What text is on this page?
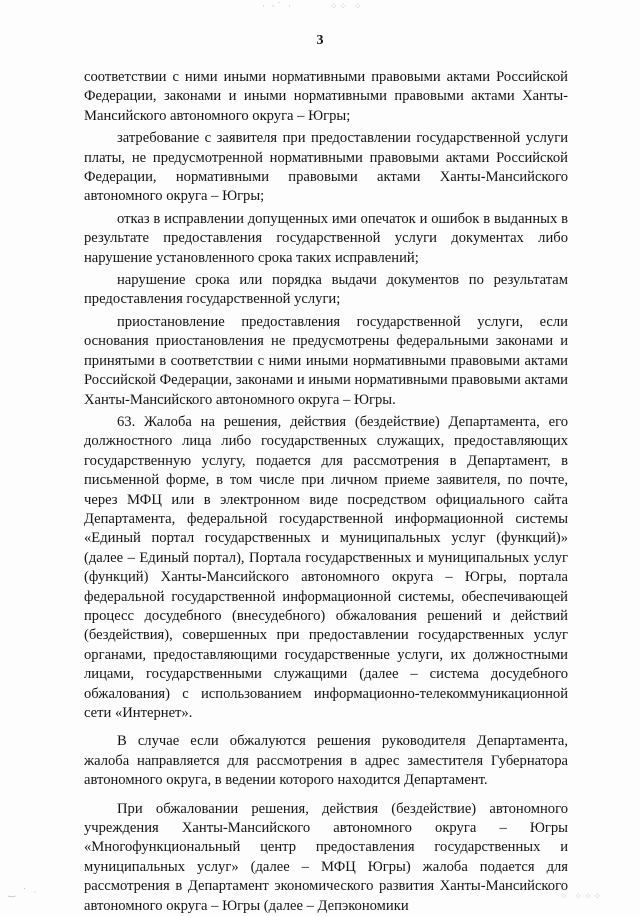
· ·˙ ·	⁘⁘ ⁘
3

соответствии с ними иными нормативными правовыми актами Российской Федерации, законами и иными нормативными правовыми актами Ханты-Мансийского автономного округа – Югры;

затребование с заявителя при предоставлении государственной услуги платы, не предусмотренной нормативными правовыми актами Российской Федерации, нормативными правовыми актами Ханты-Мансийского автономного округа – Югры;

отказ в исправлении допущенных ими опечаток и ошибок в выданных в результате предоставления государственной услуги документах либо нарушение установленного срока таких исправлений;

нарушение срока или порядка выдачи документов по результатам предоставления государственной услуги;

приостановление предоставления государственной услуги, если основания приостановления не предусмотрены федеральными законами и принятыми в соответствии с ними иными нормативными правовыми актами Российской Федерации, законами и иными нормативными правовыми актами Ханты-Мансийского автономного округа – Югры.

63. Жалоба на решения, действия (бездействие) Департамента, его должностного лица либо государственных служащих, предоставляющих государственную услугу, подается для рассмотрения в Департамент, в письменной форме, в том числе при личном приеме заявителя, по почте, через МФЦ или в электронном виде посредством официального сайта Департамента, федеральной государственной информационной системы «Единый портал государственных и муниципальных услуг (функций)» (далее – Единый портал), Портала государственных и муниципальных услуг (функций) Ханты-Мансийского автономного округа – Югры, портала федеральной государственной информационной системы, обеспечивающей процесс досудебного (внесудебного) обжалования решений и действий (бездействия), совершенных при предоставлении государственных услуг органами, предоставляющими государственные услуги, их должностными лицами, государственными служащими (далее – система досудебного обжалования) с использованием информационно-телекоммуникационной сети «Интернет».

В случае если обжалуются решения руководителя Департамента, жалоба направляется для рассмотрения в адрес заместителя Губернатора автономного округа, в ведении которого находится Департамент.

При обжаловании решения, действия (бездействие) автономного учреждения Ханты-Мансийского автономного округа – Югры «Многофункциональный центр предоставления государственных и муниципальных услуг» (далее – МФЦ Югры) жалоба подается для рассмотрения в Департамент экономического развития Ханты-Мансийского автономного округа – Югры (далее – Депэкономики

‿ ˙ ·	⁘ ⁘⁘⁘
